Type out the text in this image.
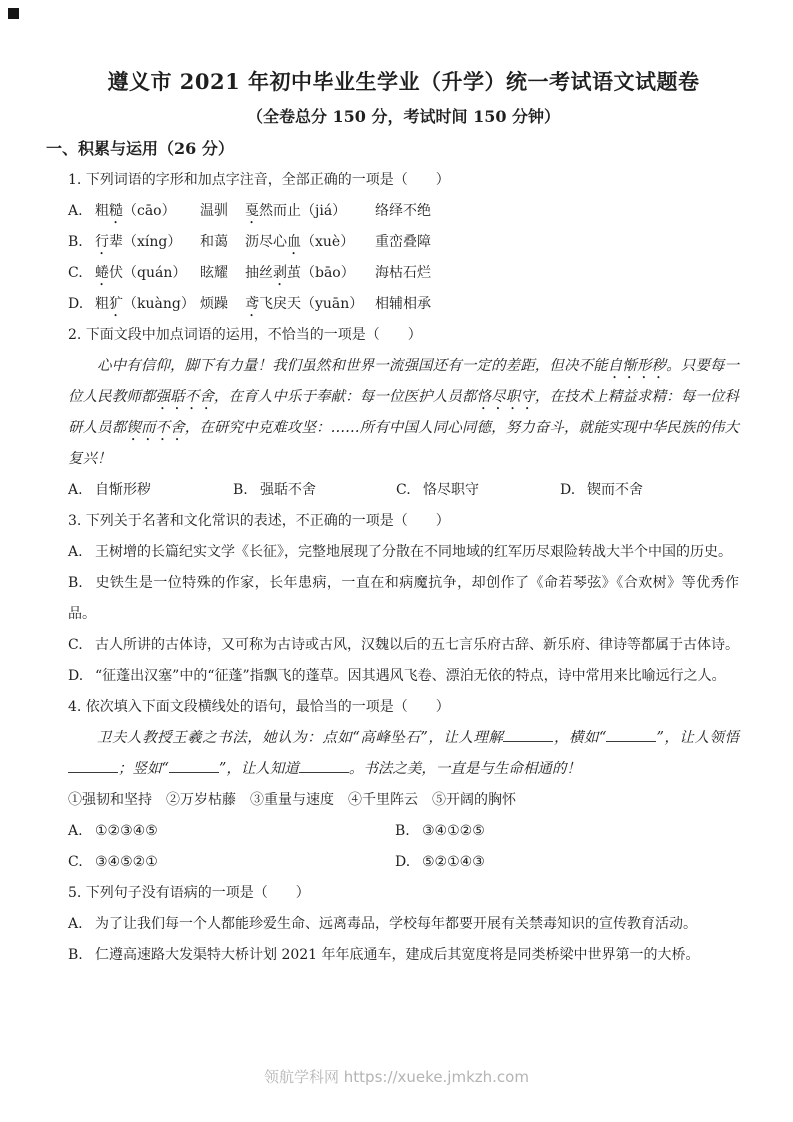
遵义市 2021 年初中毕业生学业（升学）统一考试语文试题卷
（全卷总分 150 分，考试时间 150 分钟）
一、积累与运用（26 分）

1. 下列词语的字形和加点字注音，全部正确的一项是（　　）

A. 粗糙（cāo）	温驯	戛然而止（jiá）	络绎不绝
B. 行辈（xíng）	和蔼	沥尽心血（xuè）	重峦叠障
C. 蜷伏（quán） 眩耀	抽丝剥茧（bāo）	海枯石烂
D. 粗犷（kuàng） 烦躁	鸢飞戾天（yuān） 相辅相承

2. 下面文段中加点词语的运用，不恰当的一项是（　　）

心中有信仰，脚下有力量！我们虽然和世界一流强国还有一定的差距，但决不能自惭形秽。只要每一位人民教师都强聒不舍，在育人中乐于奉献：每一位医护人员都恪尽职守，在技术上精益求精：每一位科研人员都锲而不舍，在研究中克难攻坚：……所有中国人同心同德，努力奋斗，就能实现中华民族的伟大复兴！

A. 自惭形秽	B. 强聒不舍	C. 恪尽职守	D. 锲而不舍

3. 下列关于名著和文化常识的表述，不正确的一项是（　　）

A. 王树增的长篇纪实文学《长征》，完整地展现了分散在不同地域的红军历尽艰险转战大半个中国的历史。

B. 史铁生是一位特殊的作家，长年患病，一直在和病魔抗争，却创作了《命若琴弦》《合欢树》等优秀作品。

C. 古人所讲的古体诗，又可称为古诗或古风，汉魏以后的五七言乐府古辞、新乐府、律诗等都属于古体诗。

D. “征蓬出汉塞”中的“征蓬”指飘飞的蓬草。因其遇风飞卷、漂泊无依的特点，诗中常用来比喻远行之人。

4. 依次填入下面文段横线处的语句，最恰当的一项是（　　）

卫夫人教授王羲之书法，她认为：点如“高峰坠石”，让人理解	，横如“	”，让人领悟；竖如“	”，让人知道	。书法之美，一直是与生命相通的！

①强韧和坚持　②万岁枯藤　③重量与速度　④千里阵云　⑤开阔的胸怀

A. ①②③④⑤	B. ③④①②⑤
C. ③④⑤②①	D. ⑤②①④③

5. 下列句子没有语病的一项是（　　）

A. 为了让我们每一个人都能珍爱生命、远离毒品，学校每年都要开展有关禁毒知识的宣传教育活动。

B. 仁遵高速路大发渠特大桥计划 2021 年年底通车，建成后其宽度将是同类桥梁中世界第一的大桥。

领航学科网 https://xueke.jmkzh.com
